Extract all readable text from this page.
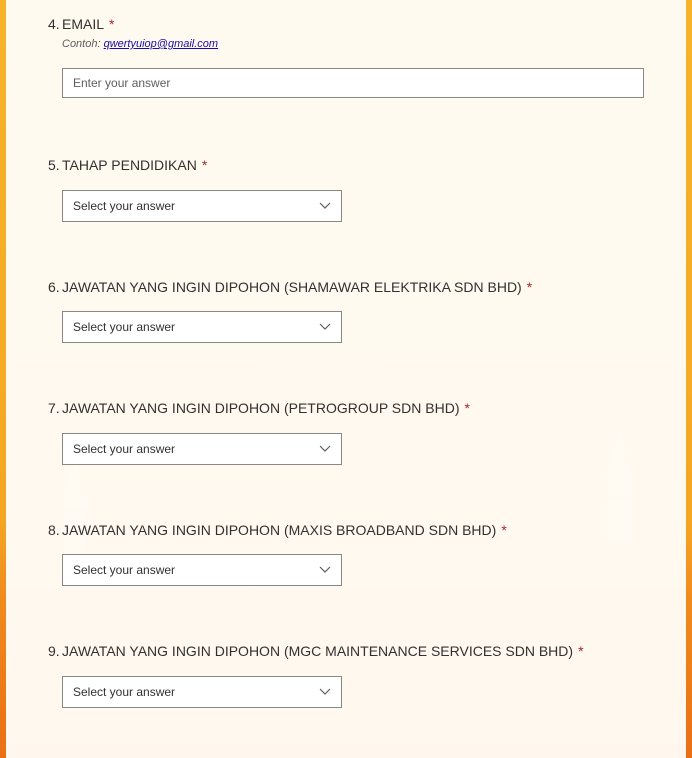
4. EMAIL *
Contoh: qwertyuiop@gmail.com
Enter your answer
5. TAHAP PENDIDIKAN *
Select your answer
6. JAWATAN YANG INGIN DIPOHON (SHAMAWAR ELEKTRIKA SDN BHD) *
Select your answer
7. JAWATAN YANG INGIN DIPOHON (PETROGROUP SDN BHD) *
Select your answer
8. JAWATAN YANG INGIN DIPOHON (MAXIS BROADBAND SDN BHD) *
Select your answer
9. JAWATAN YANG INGIN DIPOHON (MGC MAINTENANCE SERVICES SDN BHD) *
Select your answer
